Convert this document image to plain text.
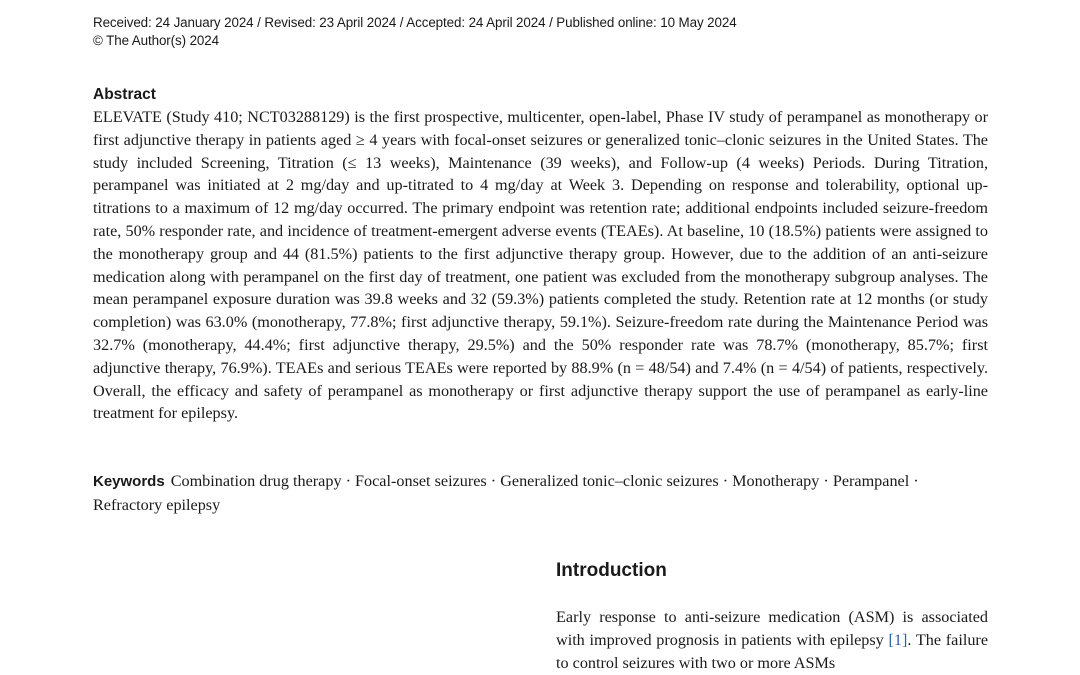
Received: 24 January 2024 / Revised: 23 April 2024 / Accepted: 24 April 2024 / Published online: 10 May 2024
© The Author(s) 2024
Abstract

ELEVATE (Study 410; NCT03288129) is the first prospective, multicenter, open-label, Phase IV study of perampanel as monotherapy or first adjunctive therapy in patients aged ≥ 4 years with focal-onset seizures or generalized tonic–clonic seizures in the United States. The study included Screening, Titration (≤ 13 weeks), Maintenance (39 weeks), and Follow-up (4 weeks) Periods. During Titration, perampanel was initiated at 2 mg/day and up-titrated to 4 mg/day at Week 3. Depending on response and tolerability, optional up-titrations to a maximum of 12 mg/day occurred. The primary endpoint was retention rate; additional endpoints included seizure-freedom rate, 50% responder rate, and incidence of treatment-emergent adverse events (TEAEs). At baseline, 10 (18.5%) patients were assigned to the monotherapy group and 44 (81.5%) patients to the first adjunctive therapy group. However, due to the addition of an anti-seizure medication along with perampanel on the first day of treatment, one patient was excluded from the monotherapy subgroup analyses. The mean perampanel exposure duration was 39.8 weeks and 32 (59.3%) patients completed the study. Retention rate at 12 months (or study completion) was 63.0% (monotherapy, 77.8%; first adjunctive therapy, 59.1%). Seizure-freedom rate during the Maintenance Period was 32.7% (monotherapy, 44.4%; first adjunctive therapy, 29.5%) and the 50% responder rate was 78.7% (monotherapy, 85.7%; first adjunctive therapy, 76.9%). TEAEs and serious TEAEs were reported by 88.9% (n = 48/54) and 7.4% (n = 4/54) of patients, respectively. Overall, the efficacy and safety of perampanel as monotherapy or first adjunctive therapy support the use of perampanel as early-line treatment for epilepsy.

Keywords Combination drug therapy · Focal-onset seizures · Generalized tonic–clonic seizures · Monotherapy · Perampanel · Refractory epilepsy
Introduction

Early response to anti-seizure medication (ASM) is associated with improved prognosis in patients with epilepsy [1]. The failure to control seizures with two or more ASMs
